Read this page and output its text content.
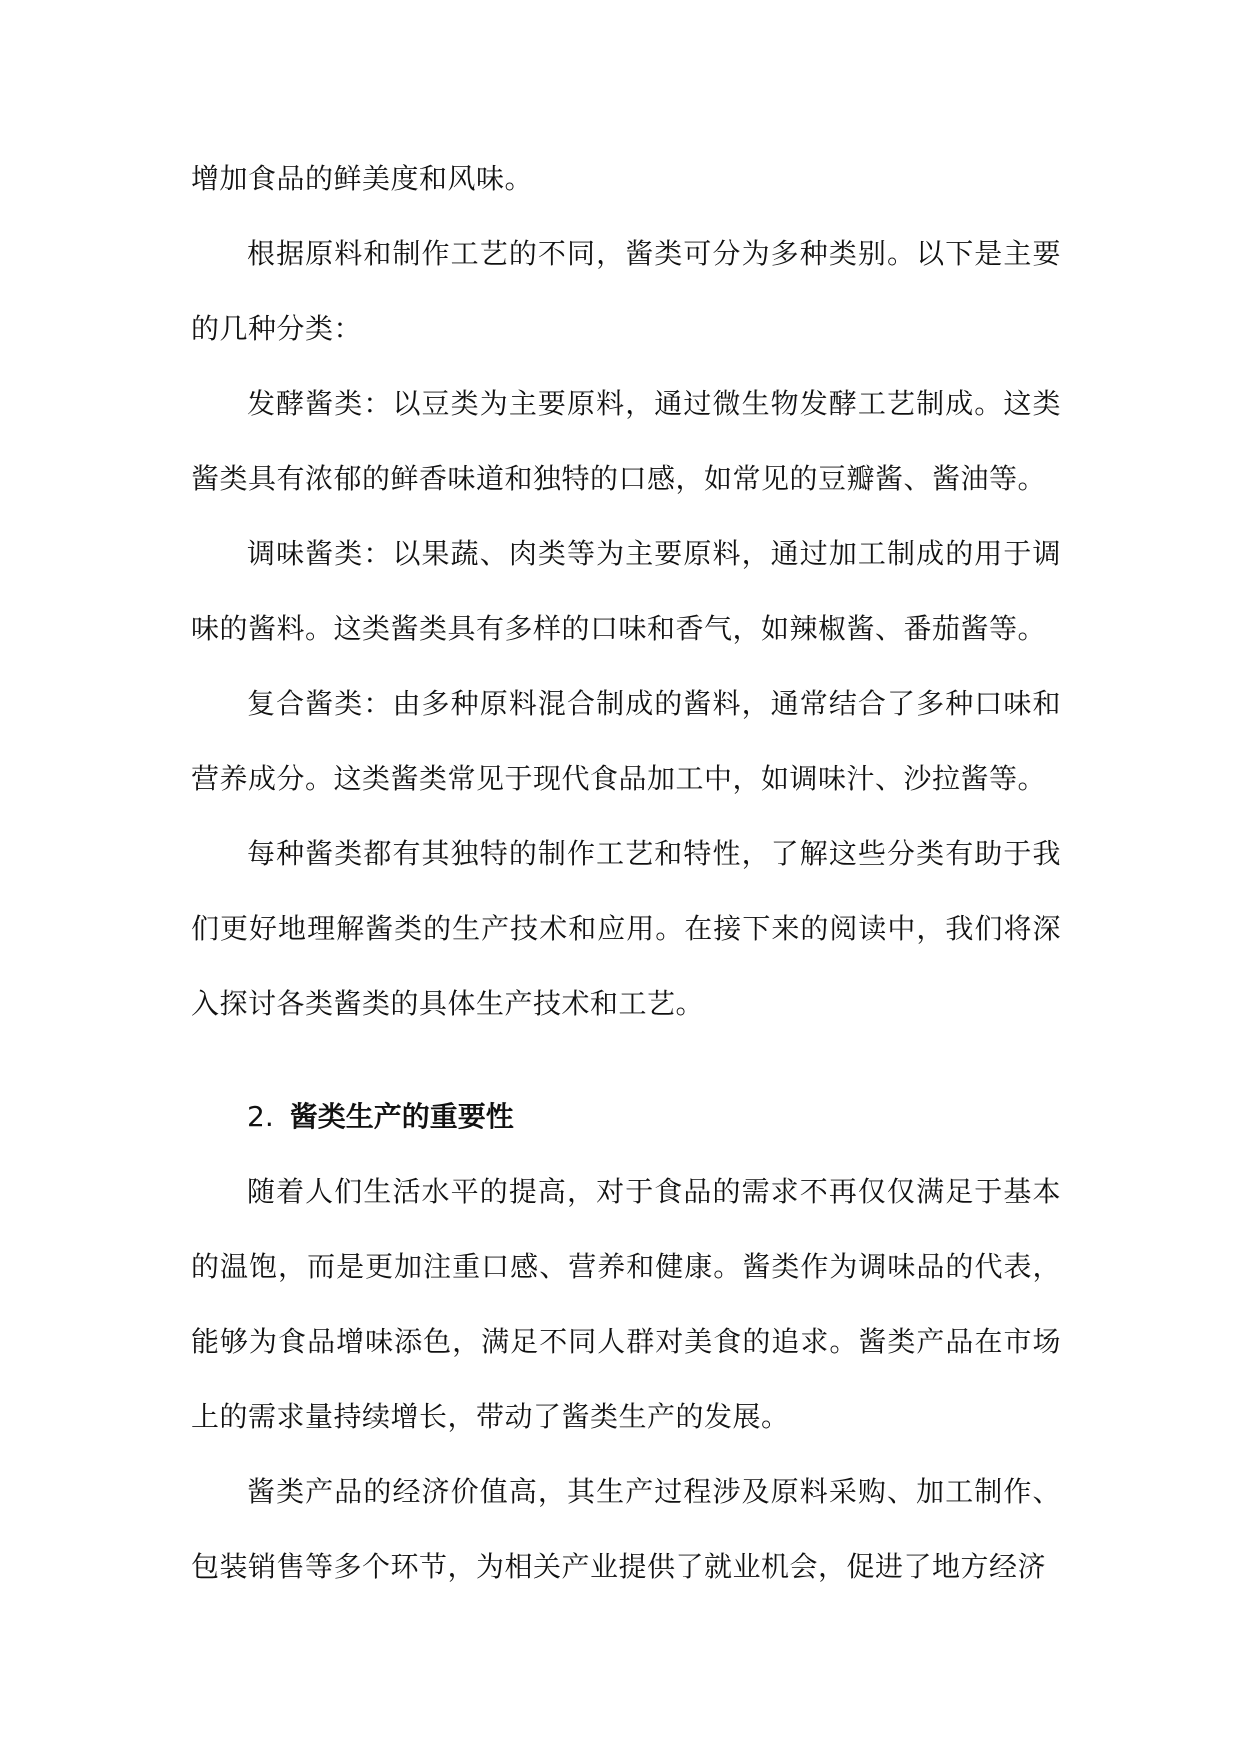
增加食品的鲜美度和风味。

根据原料和制作工艺的不同，酱类可分为多种类别。以下是主要的几种分类：

发酵酱类：以豆类为主要原料，通过微生物发酵工艺制成。这类酱类具有浓郁的鲜香味道和独特的口感，如常见的豆瓣酱、酱油等。

调味酱类：以果蔬、肉类等为主要原料，通过加工制成的用于调味的酱料。这类酱类具有多样的口味和香气，如辣椒酱、番茄酱等。

复合酱类：由多种原料混合制成的酱料，通常结合了多种口味和营养成分。这类酱类常见于现代食品加工中，如调味汁、沙拉酱等。

每种酱类都有其独特的制作工艺和特性，了解这些分类有助于我们更好地理解酱类的生产技术和应用。在接下来的阅读中，我们将深入探讨各类酱类的具体生产技术和工艺。

2. 酱类生产的重要性

随着人们生活水平的提高，对于食品的需求不再仅仅满足于基本的温饱，而是更加注重口感、营养和健康。酱类作为调味品的代表，能够为食品增味添色，满足不同人群对美食的追求。酱类产品在市场上的需求量持续增长，带动了酱类生产的发展。

酱类产品的经济价值高，其生产过程涉及原料采购、加工制作、包装销售等多个环节，为相关产业提供了就业机会，促进了地方经济
